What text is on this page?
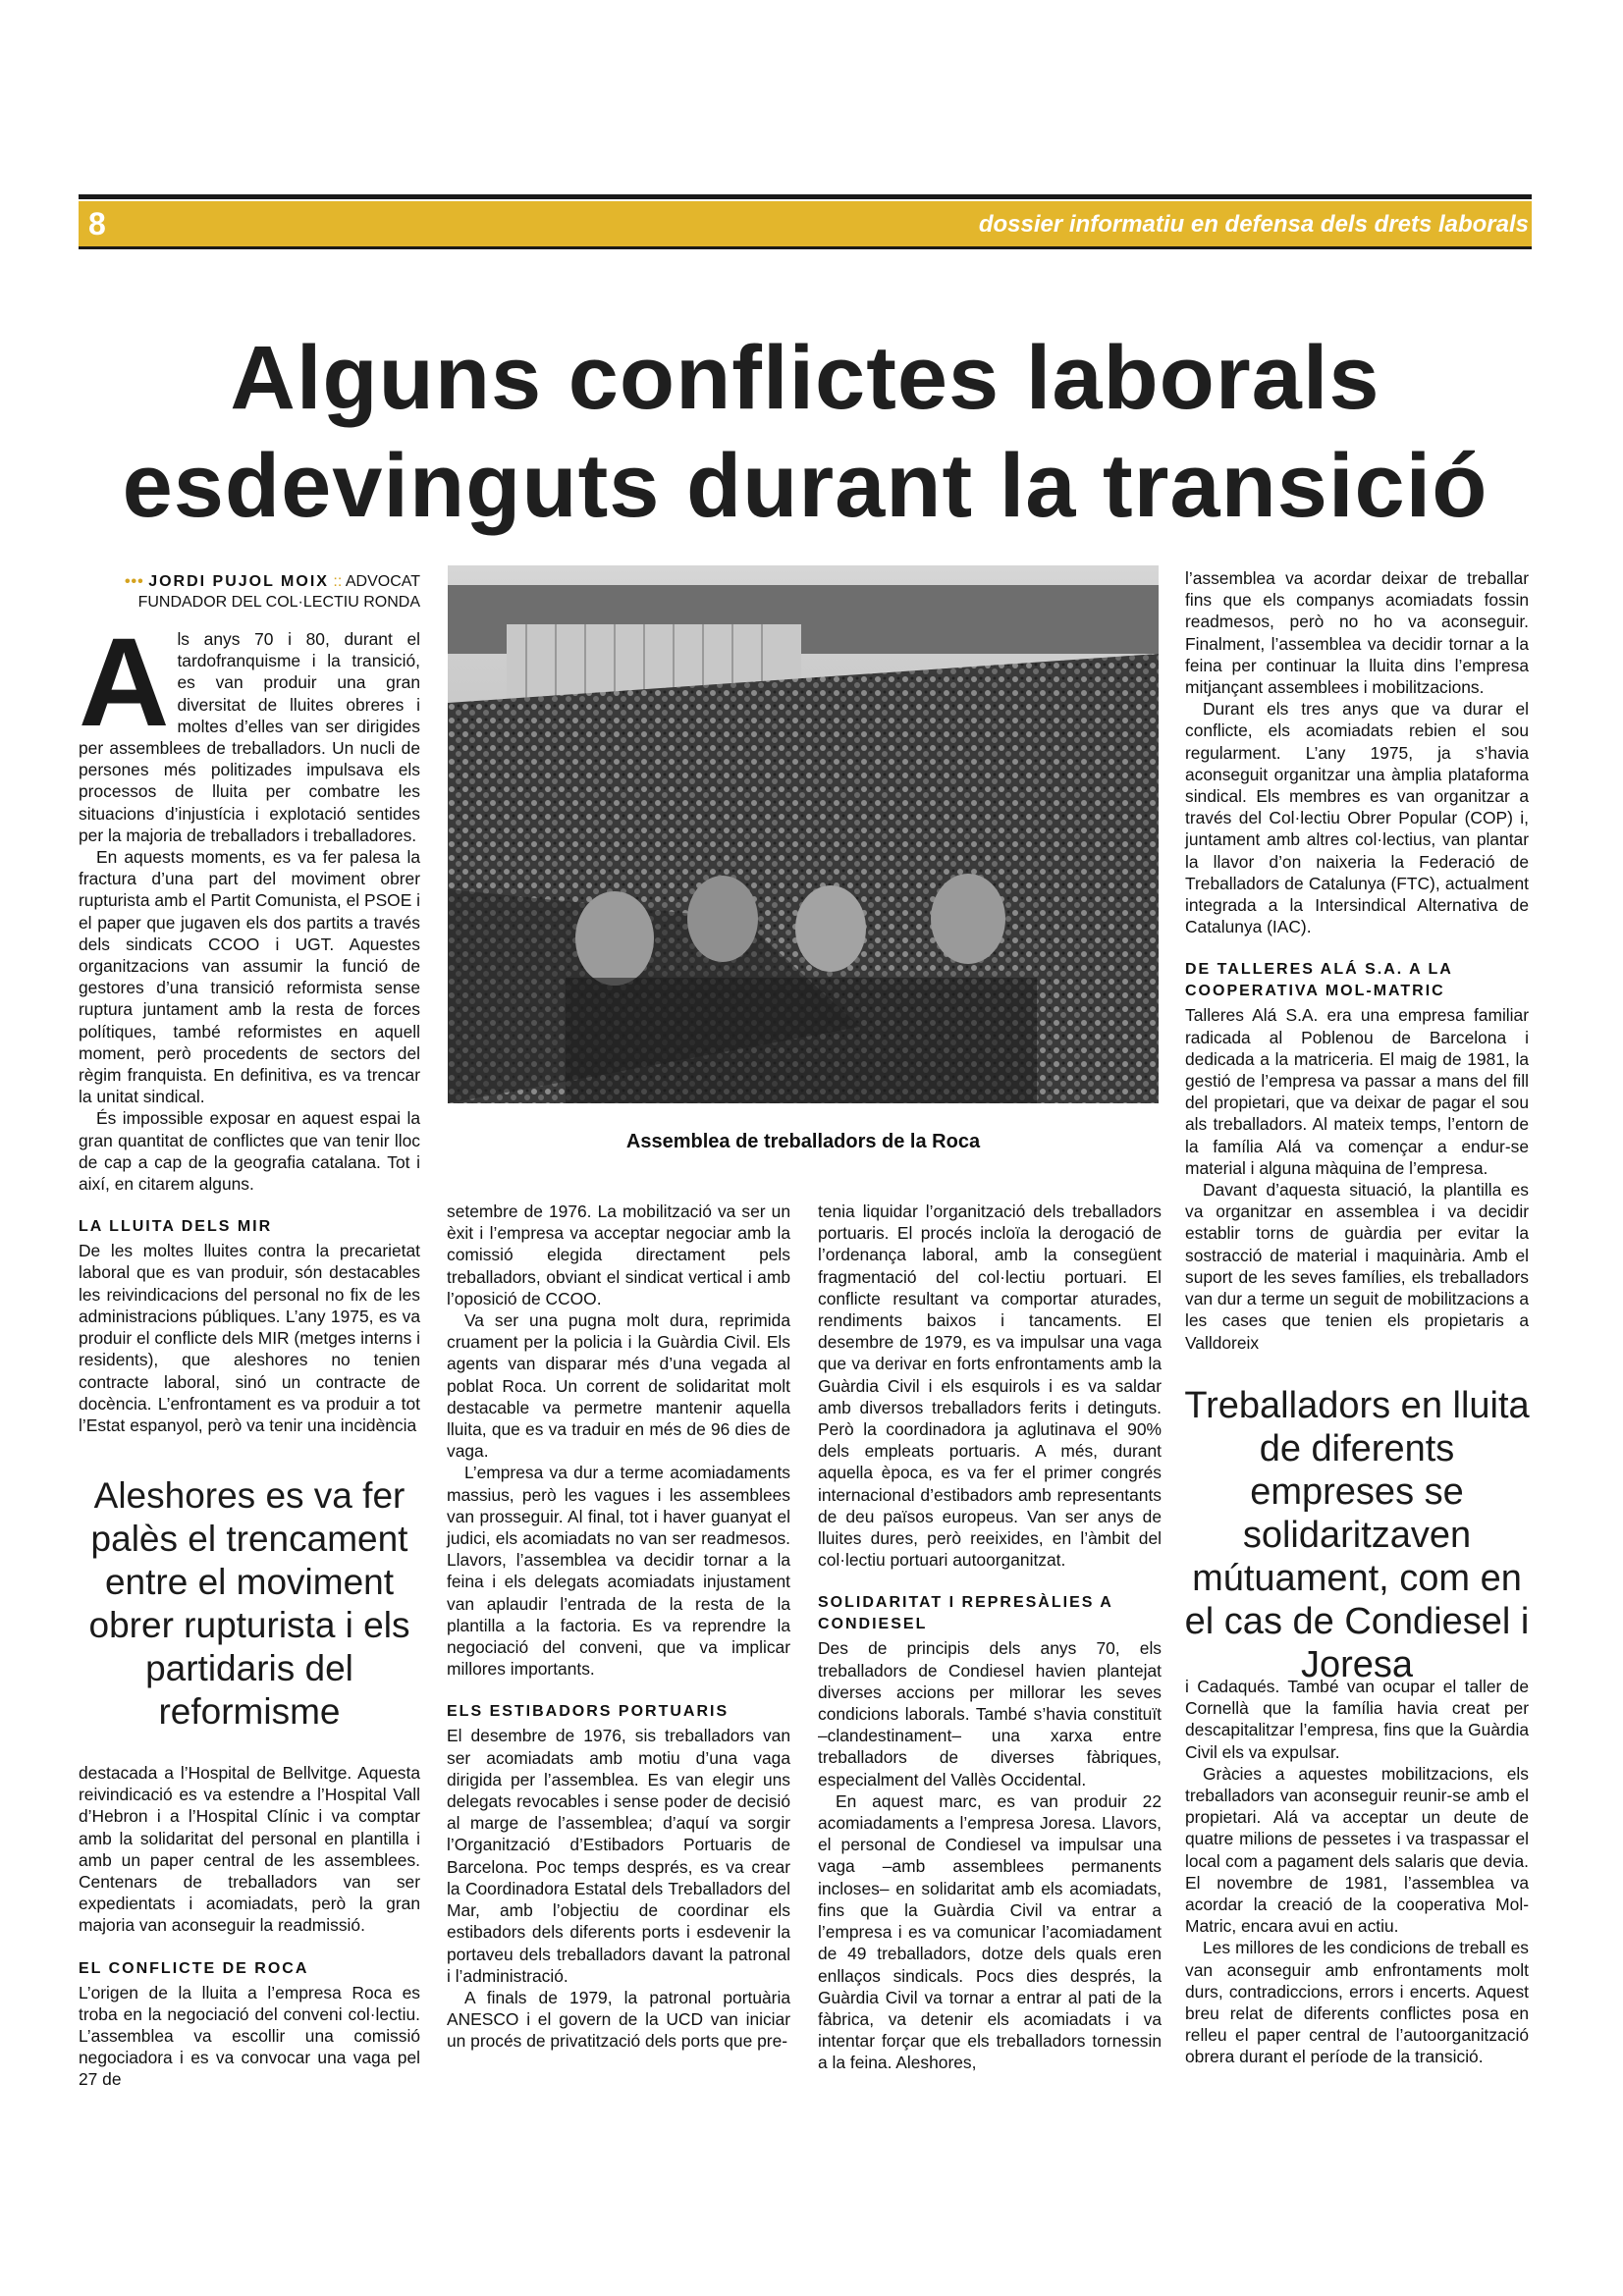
8	dossier informatiu en defensa dels drets laborals
Alguns conflictes laborals
esdevinguts durant la transició
••• JORDI PUJOL MOIX :: ADVOCAT
FUNDADOR DEL COL·LECTIU RONDA
A ls anys 70 i 80, durant el tardofranquisme i la transició, es van produir una gran diversitat de lluites obreres i moltes d’elles van ser dirigides per assemblees de treballadors. Un nucli de persones més politizades impulsava els processos de lluita per combatre les situacions d’injustícia i explotació sentides per la majoria de treballadors i treballadores.

En aquests moments, es va fer palesa la fractura d’una part del moviment obrer rupturista amb el Partit Comunista, el PSOE i el paper que jugaven els dos partits a través dels sindicats CCOO i UGT. Aquestes organitzacions van assumir la funció de gestores d’una transició reformista sense ruptura juntament amb la resta de forces polítiques, també reformistes en aquell moment, però procedents de sectors del règim franquista. En definitiva, es va trencar la unitat sindical.

És impossible exposar en aquest espai la gran quantitat de conflictes que van tenir lloc de cap a cap de la geografia catalana. Tot i així, en citarem alguns.

LA LLUITA DELS MIR

De les moltes lluites contra la precarietat laboral que es van produir, són destacables les reivindicacions del personal no fix de les administracions públiques. L’any 1975, es va produir el conflicte dels MIR (metges interns i residents), que aleshores no tenien contracte laboral, sinó un contracte de docència. L’enfrontament es va produir a tot l’Estat espanyol, però va tenir una incidència

Aleshores es va fer palès el trencament entre el moviment obrer rupturista i els partidaris del reformisme

destacada a l’Hospital de Bellvitge. Aquesta reivindicació es va estendre a l’Hospital Vall d’Hebron i a l’Hospital Clínic i va comptar amb la solidaritat del personal en plantilla i amb un paper central de les assemblees. Centenars de treballadors van ser expedientats i acomiadats, però la gran majoria van aconseguir la readmissió.

EL CONFLICTE DE ROCA

L’origen de la lluita a l’empresa Roca es troba en la negociació del conveni col·lectiu. L’assemblea va escollir una comissió negociadora i es va convocar una vaga pel 27 de

Assemblea de treballadors de la Roca

setembre de 1976. La mobilització va ser un èxit i l’empresa va acceptar negociar amb la comissió elegida directament pels treballadors, obviant el sindicat vertical i amb l’oposició de CCOO.

Va ser una pugna molt dura, reprimida cruament per la policia i la Guàrdia Civil. Els agents van disparar més d’una vegada al poblat Roca. Un corrent de solidaritat molt destacable va permetre mantenir aquella lluita, que es va traduir en més de 96 dies de vaga.

L’empresa va dur a terme acomiadaments massius, però les vagues i les assemblees van prosseguir. Al final, tot i haver guanyat el judici, els acomiadats no van ser readmesos. Llavors, l’assemblea va decidir tornar a la feina i els delegats acomiadats injustament van aplaudir l’entrada de la resta de la plantilla a la factoria. Es va reprendre la negociació del conveni, que va implicar millores importants.

ELS ESTIBADORS PORTUARIS

El desembre de 1976, sis treballadors van ser acomiadats amb motiu d’una vaga dirigida per l’assemblea. Es van elegir uns delegats revocables i sense poder de decisió al marge de l’assemblea; d’aquí va sorgir l’Organització d’Estibadors Portuaris de Barcelona. Poc temps després, es va crear la Coordinadora Estatal dels Treballadors del Mar, amb l’objectiu de coordinar els estibadors dels diferents ports i esdevenir la portaveu dels treballadors davant la patronal i l’administració.

A finals de 1979, la patronal portuària ANESCO i el govern de la UCD van iniciar un procés de privatització dels ports que pre-

tenia liquidar l’organització dels treballadors portuaris. El procés incloïa la derogació de l’ordenança laboral, amb la consegüent fragmentació del col·lectiu portuari. El conflicte resultant va comportar aturades, rendiments baixos i tancaments. El desembre de 1979, es va impulsar una vaga que va derivar en forts enfrontaments amb la Guàrdia Civil i els esquirols i es va saldar amb diversos treballadors ferits i detinguts. Però la coordinadora ja aglutinava el 90% dels empleats portuaris. A més, durant aquella època, es va fer el primer congrés internacional d’estibadors amb representants de deu països europeus. Van ser anys de lluites dures, però reeixides, en l’àmbit del col·lectiu portuari autoorganitzat.

SOLIDARITAT I REPRESÀLIES A CONDIESEL

Des de principis dels anys 70, els treballadors de Condiesel havien plantejat diverses accions per millorar les seves condicions laborals. També s’havia constituït –clandestinament– una xarxa entre treballadors de diverses fàbriques, especialment del Vallès Occidental.

En aquest marc, es van produir 22 acomiadaments a l’empresa Joresa. Llavors, el personal de Condiesel va impulsar una vaga –amb assemblees permanents incloses– en solidaritat amb els acomiadats, fins que la Guàrdia Civil va entrar a l’empresa i es va comunicar l’acomiadament de 49 treballadors, dotze dels quals eren enllaços sindicals. Pocs dies després, la Guàrdia Civil va tornar a entrar al pati de la fàbrica, va detenir els acomiadats i va intentar forçar que els treballadors tornessin a la feina. Aleshores,

l’assemblea va acordar deixar de treballar fins que els companys acomiadats fossin readmesos, però no ho va aconseguir. Finalment, l’assemblea va decidir tornar a la feina per continuar la lluita dins l’empresa mitjançant assemblees i mobilitzacions.

Durant els tres anys que va durar el conflicte, els acomiadats rebien el sou regularment. L’any 1975, ja s’havia aconseguit organitzar una àmplia plataforma sindical. Els membres es van organitzar a través del Col·lectiu Obrer Popular (COP) i, juntament amb altres col·lectius, van plantar la llavor d’on naixeria la Federació de Treballadors de Catalunya (FTC), actualment integrada a la Intersindical Alternativa de Catalunya (IAC).

DE TALLERES ALÁ S.A. A LA COOPERATIVA MOL-MATRIC

Talleres Alá S.A. era una empresa familiar radicada al Poblenou de Barcelona i dedicada a la matriceria. El maig de 1981, la gestió de l’empresa va passar a mans del fill del propietari, que va deixar de pagar el sou als treballadors. Al mateix temps, l’entorn de la família Alá va començar a endur-se material i alguna màquina de l’empresa.

Davant d’aquesta situació, la plantilla es va organitzar en assemblea i va decidir establir torns de guàrdia per evitar la sostracció de material i maquinària. Amb el suport de les seves famílies, els treballadors van dur a terme un seguit de mobilitzacions a les cases que tenien els propietaris a Valldoreix

Treballadors en lluita de diferents empreses se solidaritzaven mútuament, com en el cas de Condiesel i Joresa

i Cadaqués. També van ocupar el taller de Cornellà que la família havia creat per descapitalitzar l’empresa, fins que la Guàrdia Civil els va expulsar.

Gràcies a aquestes mobilitzacions, els treballadors van aconseguir reunir-se amb el propietari. Alá va acceptar un deute de quatre milions de pessetes i va traspassar el local com a pagament dels salaris que devia. El novembre de 1981, l’assemblea va acordar la creació de la cooperativa Mol-Matric, encara avui en actiu.

Les millores de les condicions de treball es van aconseguir amb enfrontaments molt durs, contradiccions, errors i encerts. Aquest breu relat de diferents conflictes posa en relleu el paper central de l’autoorganització obrera durant el període de la transició.
